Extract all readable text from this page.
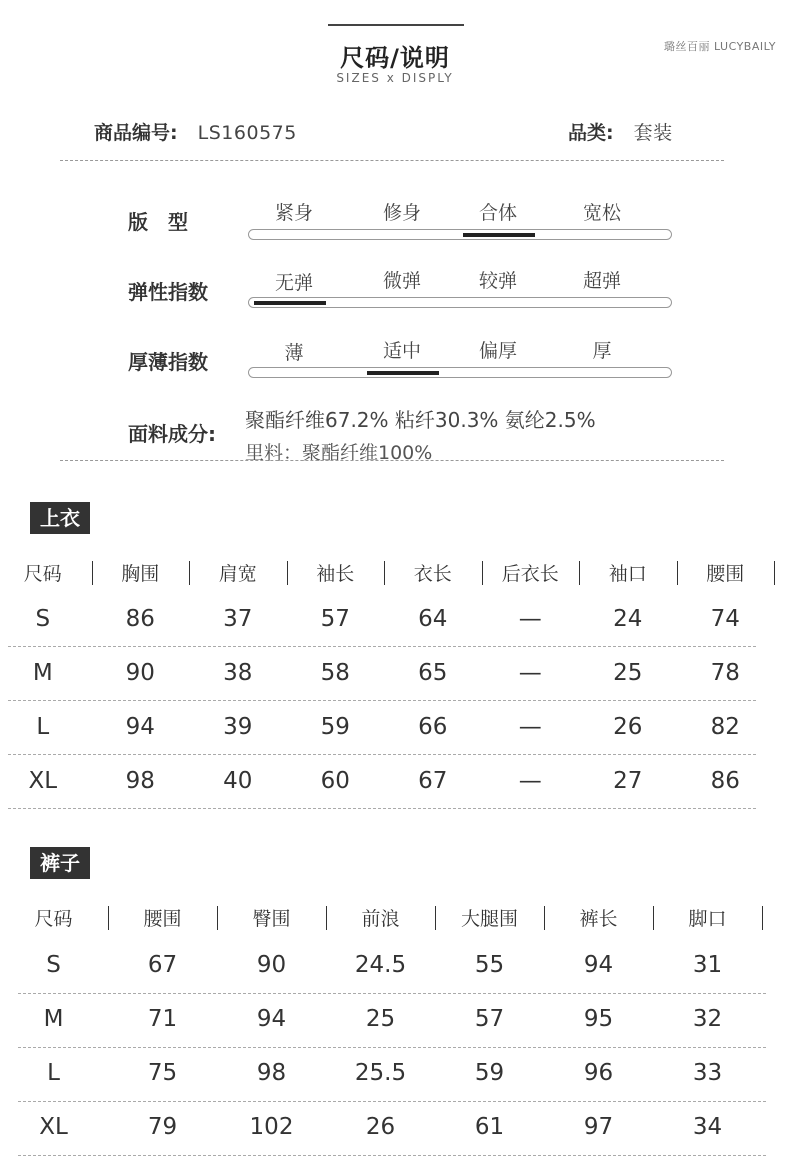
尺码/说明
SIZES x DISPLY
璐丝百丽 LUCYBAILY
商品编号: LS160575	品类: 套装
版　型	紧身	修身	合体	宽松
弹性指数	无弹	微弹	较弹	超弹
厚薄指数	薄	适中	偏厚	厚
面料成分:
聚酯纤维67.2% 粘纤30.3% 氨纶2.5%
里料：聚酯纤维100%
上衣
尺码	胸围	肩宽	袖长	衣长	后衣长	袖口	腰围
S	86	37	57	64	—	24	74
M	90	38	58	65	—	25	78
L	94	39	59	66	—	26	82
XL	98	40	60	67	—	27	86
裤子
尺码	腰围	臀围	前浪	大腿围	裤长	脚口
S	67	90	24.5	55	94	31
M	71	94	25	57	95	32
L	75	98	25.5	59	96	33
XL	79	102	26	61	97	34
